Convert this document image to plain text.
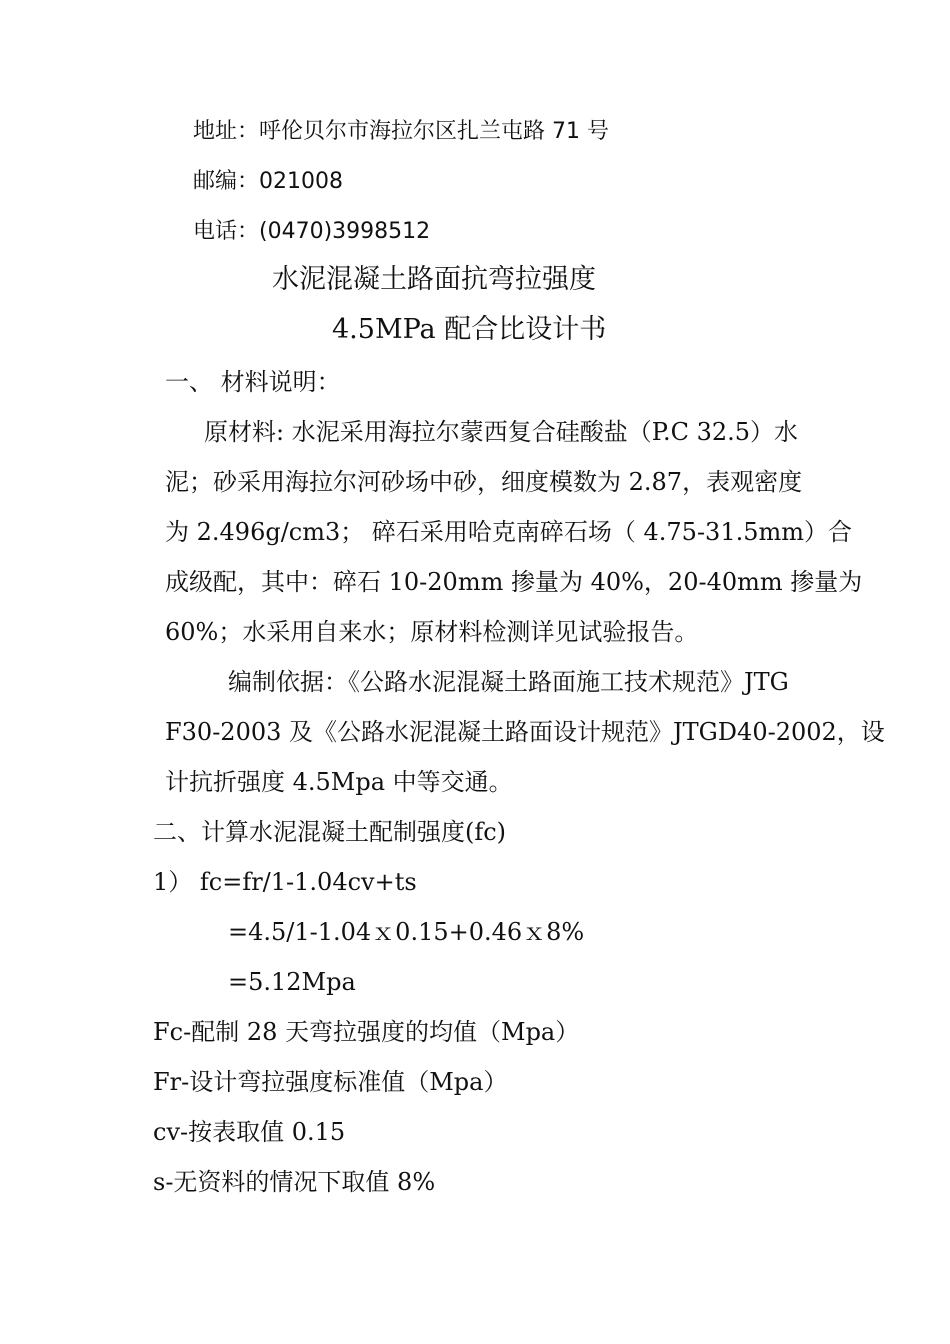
地址：呼伦贝尔市海拉尔区扎兰屯路 71 号
邮编：021008
电话：(0470)3998512
水泥混凝土路面抗弯拉强度
4.5MPa 配合比设计书
一、 材料说明：
原材料: 水泥采用海拉尔蒙西复合硅酸盐（P.C 32.5）水
泥；砂采用海拉尔河砂场中砂，细度模数为 2.87，表观密度
为 2.496g/cm3； 碎石采用哈克南碎石场（ 4.75-31.5mm）合
成级配，其中：碎石 10-20mm 掺量为 40%，20-40mm 掺量为
60%；水采用自来水；原材料检测详见试验报告。
编制依据：《公路水泥混凝土路面施工技术规范》JTG
F30-2003 及《公路水泥混凝土路面设计规范》JTGD40-2002，设
计抗折强度 4.5Mpa 中等交通。
二、计算水泥混凝土配制强度(fc)
1） fc=fr/1-1.04cv+ts
=4.5/1-1.04ｘ0.15+0.46ｘ8%
=5.12Mpa
Fc-配制 28 天弯拉强度的均值（Mpa）
Fr-设计弯拉强度标准值（Mpa）
cv-按表取值 0.15
s-无资料的情况下取值 8%
